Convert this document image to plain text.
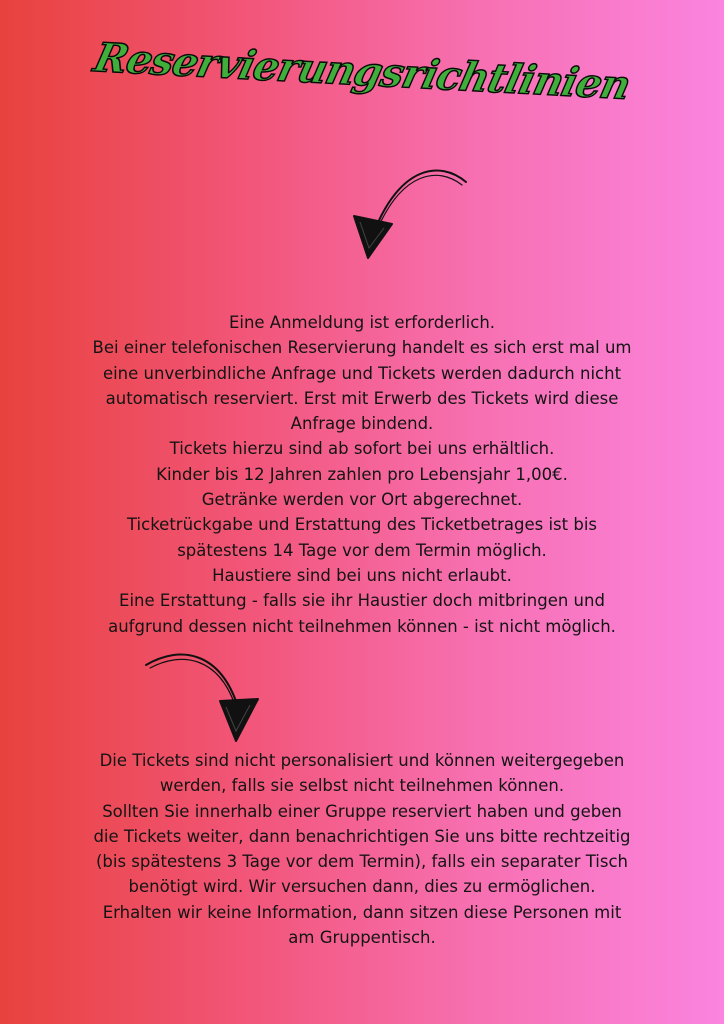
Reservierungsrichtlinien
Eine Anmeldung ist erforderlich.
Bei einer telefonischen Reservierung handelt es sich erst mal um
eine unverbindliche Anfrage und Tickets werden dadurch nicht
automatisch reserviert. Erst mit Erwerb des Tickets wird diese
Anfrage bindend.
Tickets hierzu sind ab sofort bei uns erhältlich.
Kinder bis 12 Jahren zahlen pro Lebensjahr 1,00€.
Getränke werden vor Ort abgerechnet.
Ticketrückgabe und Erstattung des Ticketbetrages ist bis
spätestens 14 Tage vor dem Termin möglich.
Haustiere sind bei uns nicht erlaubt.
Eine Erstattung - falls sie ihr Haustier doch mitbringen und
aufgrund dessen nicht teilnehmen können - ist nicht möglich.
Die Tickets sind nicht personalisiert und können weitergegeben
werden, falls sie selbst nicht teilnehmen können.
Sollten Sie innerhalb einer Gruppe reserviert haben und geben
die Tickets weiter, dann benachrichtigen Sie uns bitte rechtzeitig
(bis spätestens 3 Tage vor dem Termin), falls ein separater Tisch
benötigt wird. Wir versuchen dann, dies zu ermöglichen.
Erhalten wir keine Information, dann sitzen diese Personen mit
am Gruppentisch.
